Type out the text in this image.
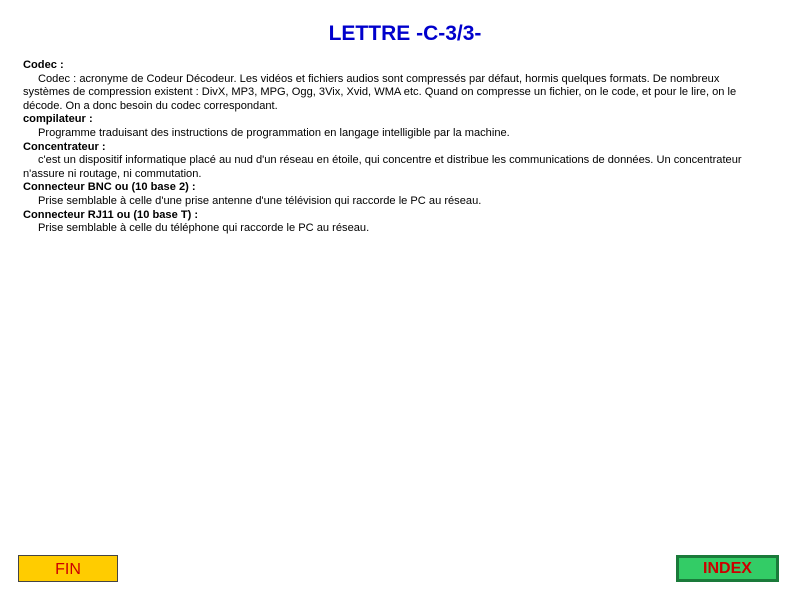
LETTRE -C-3/3-
Codec :
Codec : acronyme de Codeur Décodeur. Les vidéos et fichiers audios sont compressés par défaut, hormis quelques formats. De nombreux systèmes de compression existent : DivX, MP3, MPG, Ogg, 3Vix, Xvid, WMA etc. Quand on compresse un fichier, on le code, et pour le lire, on le décode. On a donc besoin du codec correspondant.
compilateur :
Programme traduisant des instructions de programmation en langage intelligible par la machine.
Concentrateur :
c'est un dispositif informatique placé au nud d'un réseau en étoile, qui concentre et distribue les communications de données. Un concentrateur n'assure ni routage, ni commutation.
Connecteur BNC ou (10 base 2) :
Prise semblable à celle d'une prise antenne d'une télévision qui raccorde le PC au réseau.
Connecteur RJ11 ou (10 base T) :
Prise semblable à celle du téléphone qui raccorde le PC au réseau.
FIN	INDEX
